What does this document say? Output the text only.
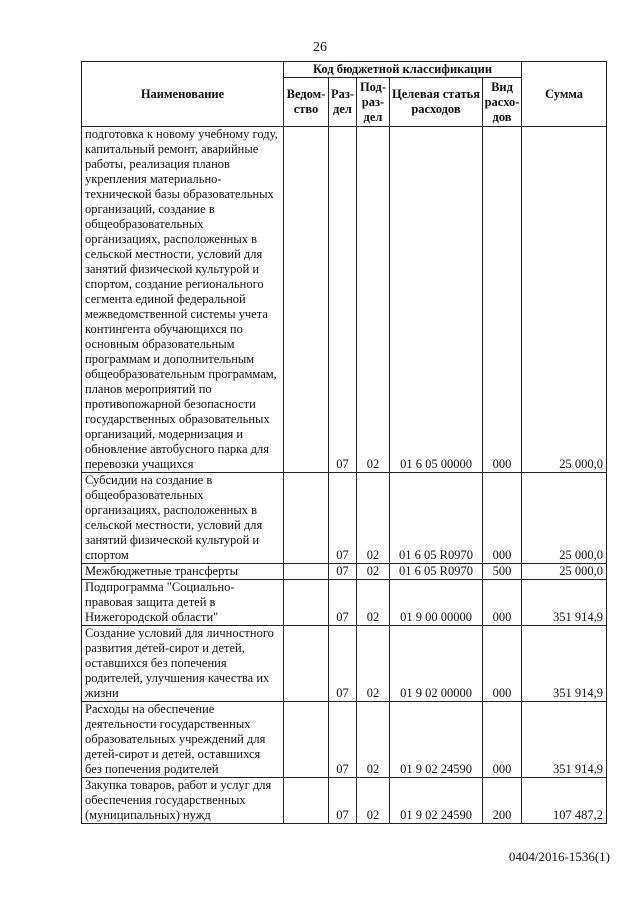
26
Наименование	Код бюджетной классификации					Сумма
	Ведом-ство	Раз-дел	Под-раз-дел	Целевая статья расходов	Вид расхо-дов	
подготовка к новому учебному году, капитальный ремонт, аварийные работы, реализация планов укрепления материально-технической базы образовательных организаций, создание в общеобразовательных организациях, расположенных в сельской местности, условий для занятий физической культурой и спортом, создание регионального сегмента единой федеральной межведомственной системы учета контингента обучающихся по основным образовательным программам и дополнительным общеобразовательным программам, планов мероприятий по противопожарной безопасности государственных образовательных организаций, модернизация и обновление автобусного парка для перевозки учащихся		07	02	01 6 05 00000	000	25 000,0
Субсидии на создание в общеобразовательных организациях, расположенных в сельской местности, условий для занятий физической культурой и спортом		07	02	01 6 05 R0970	000	25 000,0
Межбюджетные трансферты		07	02	01 6 05 R0970	500	25 000,0
Подпрограмма "Социально-правовая защита детей в Нижегородской области"		07	02	01 9 00 00000	000	351 914,9
Создание условий для личностного развития детей-сирот и детей, оставшихся без попечения родителей, улучшения качества их жизни		07	02	01 9 02 00000	000	351 914,9
Расходы на обеспечение деятельности государственных образовательных учреждений для детей-сирот и детей, оставшихся без попечения родителей		07	02	01 9 02 24590	000	351 914,9
Закупка товаров, работ и услуг для обеспечения государственных (муниципальных) нужд		07	02	01 9 02 24590	200	107 487,2
0404/2016-1536(1)
